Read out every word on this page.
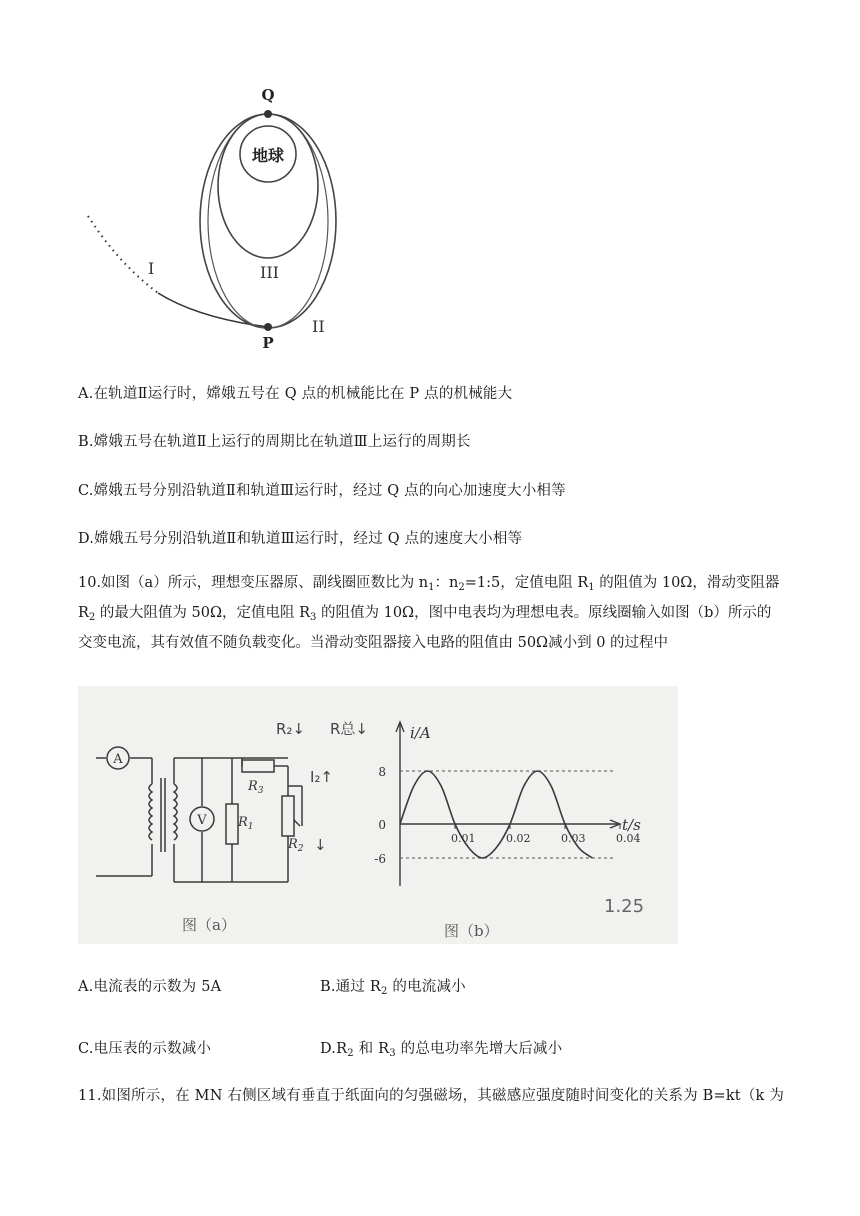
地球
Q
P
I	III
II
A.在轨道Ⅱ运行时，嫦娥五号在 Q 点的机械能比在 P 点的机械能大
B.嫦娥五号在轨道Ⅱ上运行的周期比在轨道Ⅲ上运行的周期长
C.嫦娥五号分别沿轨道Ⅱ和轨道Ⅲ运行时，经过 Q 点的向心加速度大小相等
D.嫦娥五号分别沿轨道Ⅱ和轨道Ⅲ运行时，经过 Q 点的速度大小相等
10.如图（a）所示，理想变压器原、副线圈匝数比为 $n_1$：$n_2=1:5$，定值电阻 $R_1$ 的阻值为 10Ω，滑动变阻器
$R_2$ 的最大阻值为 50Ω，定值电阻 $R_3$ 的阻值为 10Ω，图中电表均为理想电表。原线圈输入如图（b）所示的
交变电流，其有效值不随负载变化。当滑动变阻器接入电路的阻值由 50Ω减小到 0 的过程中
A
V
$R_3$
$R_1$
$R_2$
R₂↓ R总↓
I₂↑
↓
图（a）
i/A
t/s
8
0
-6
0.01	0.02	0.03	0.04
1.25
图（b）
A.电流表的示数为 5A	B.通过 $R_2$ 的电流减小
C.电压表的示数减小	$D.R_2$ 和 $R_3$ 的总电功率先增大后减小
11.如图所示，在 MN 右侧区域有垂直于纸面向的匀强磁场，其磁感应强度随时间变化的关系为 B=kt（k 为
